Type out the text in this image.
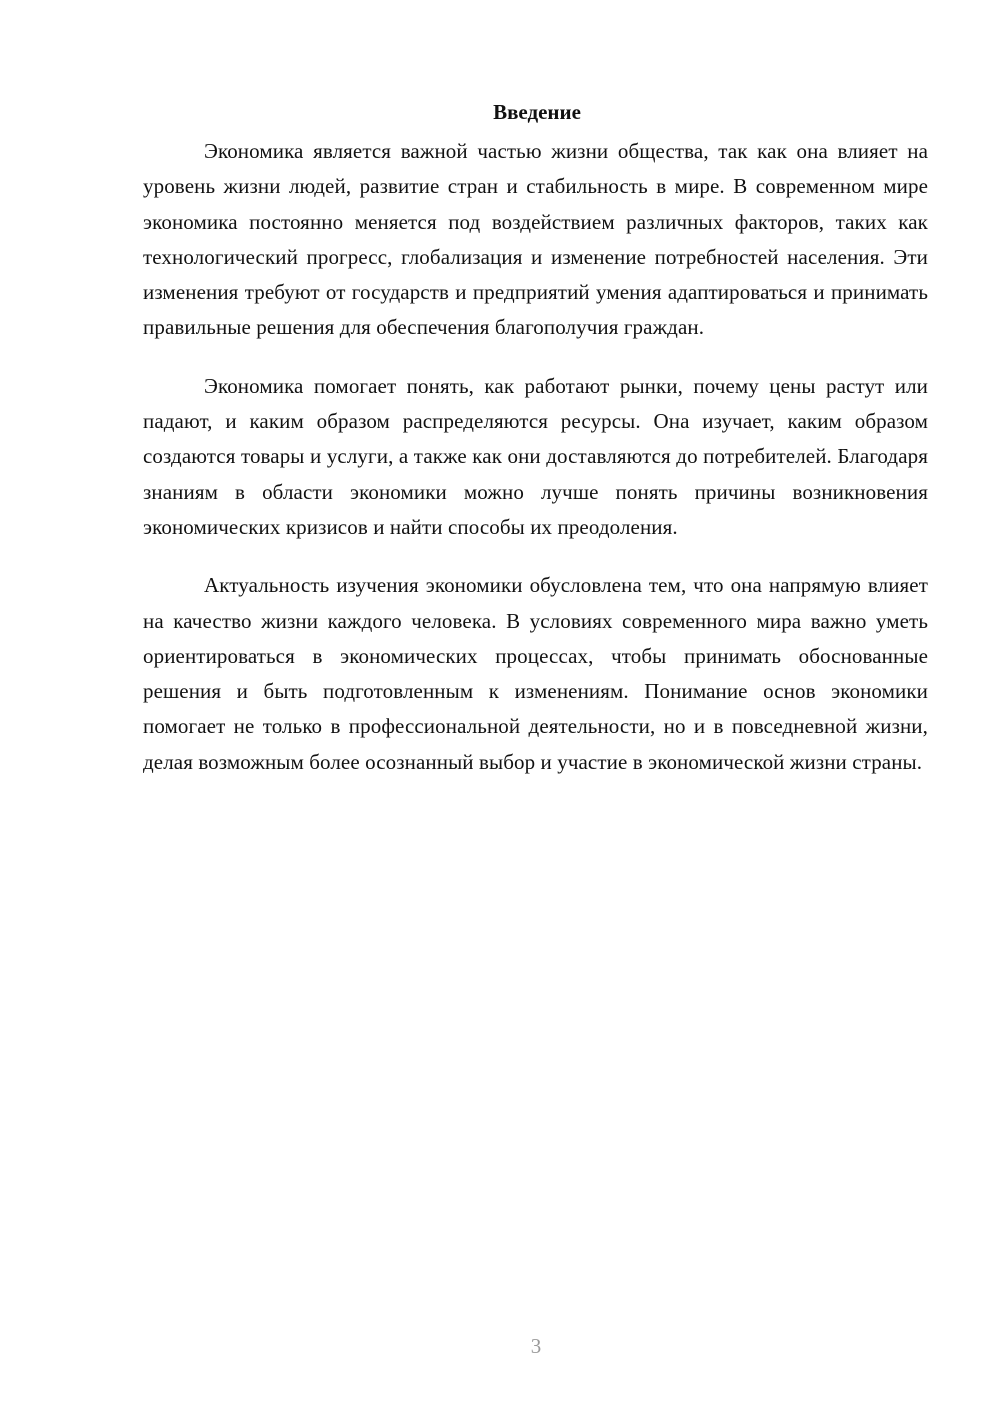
Введение

Экономика является важной частью жизни общества, так как она влияет на уровень жизни людей, развитие стран и стабильность в мире. В современном мире экономика постоянно меняется под воздействием различных факторов, таких как технологический прогресс, глобализация и изменение потребностей населения. Эти изменения требуют от государств и предприятий умения адаптироваться и принимать правильные решения для обеспечения благополучия граждан.

Экономика помогает понять, как работают рынки, почему цены растут или падают, и каким образом распределяются ресурсы. Она изучает, каким образом создаются товары и услуги, а также как они доставляются до потребителей. Благодаря знаниям в области экономики можно лучше понять причины возникновения экономических кризисов и найти способы их преодоления.

Актуальность изучения экономики обусловлена тем, что она напрямую влияет на качество жизни каждого человека. В условиях современного мира важно уметь ориентироваться в экономических процессах, чтобы принимать обоснованные решения и быть подготовленным к изменениям. Понимание основ экономики помогает не только в профессиональной деятельности, но и в повседневной жизни, делая возможным более осознанный выбор и участие в экономической жизни страны.

3
